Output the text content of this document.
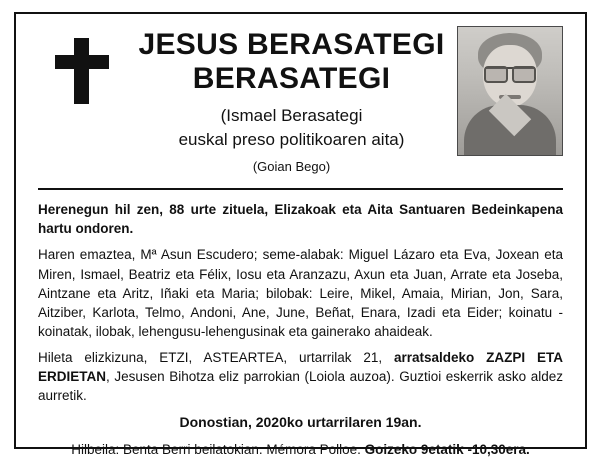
JESUS BERASATEGI
BERASATEGI
(Ismael Berasategi
euskal preso politikoaren aita)
(Goian Bego)

Herenegun hil zen, 88 urte zituela, Elizakoak eta Aita Santuaren Bedeinkapena hartu ondoren.

Haren emaztea, Mª Asun Escudero; seme-alabak: Miguel Lázaro eta Eva, Joxean eta Miren, Ismael, Beatriz eta Félix, Iosu eta Aranzazu, Axun eta Juan, Arrate eta Joseba, Aintzane eta Aritz, Iñaki eta Maria; bilobak: Leire, Mikel, Amaia, Mirian, Jon, Sara, Aitziber, Karlota, Telmo, Andoni, Ane, June, Beñat, Enara, Izadi eta Eider; koinatu -koinatak, ilobak, lehengusu-lehengusinak eta gainerako ahaideak.

Hileta elizkizuna, ETZI, ASTEARTEA, urtarrilak 21, arratsaldeko ZAZPI ETA ERDIETAN, Jesusen Bihotza eliz parrokian (Loiola auzoa). Guztioi eskerrik asko aldez aurretik.

Donostian, 2020ko urtarrilaren 19an.

Hilbeila: Benta Berri beilatokian. Mémora Polloe. Goizeko 9etatik -10,30era.
